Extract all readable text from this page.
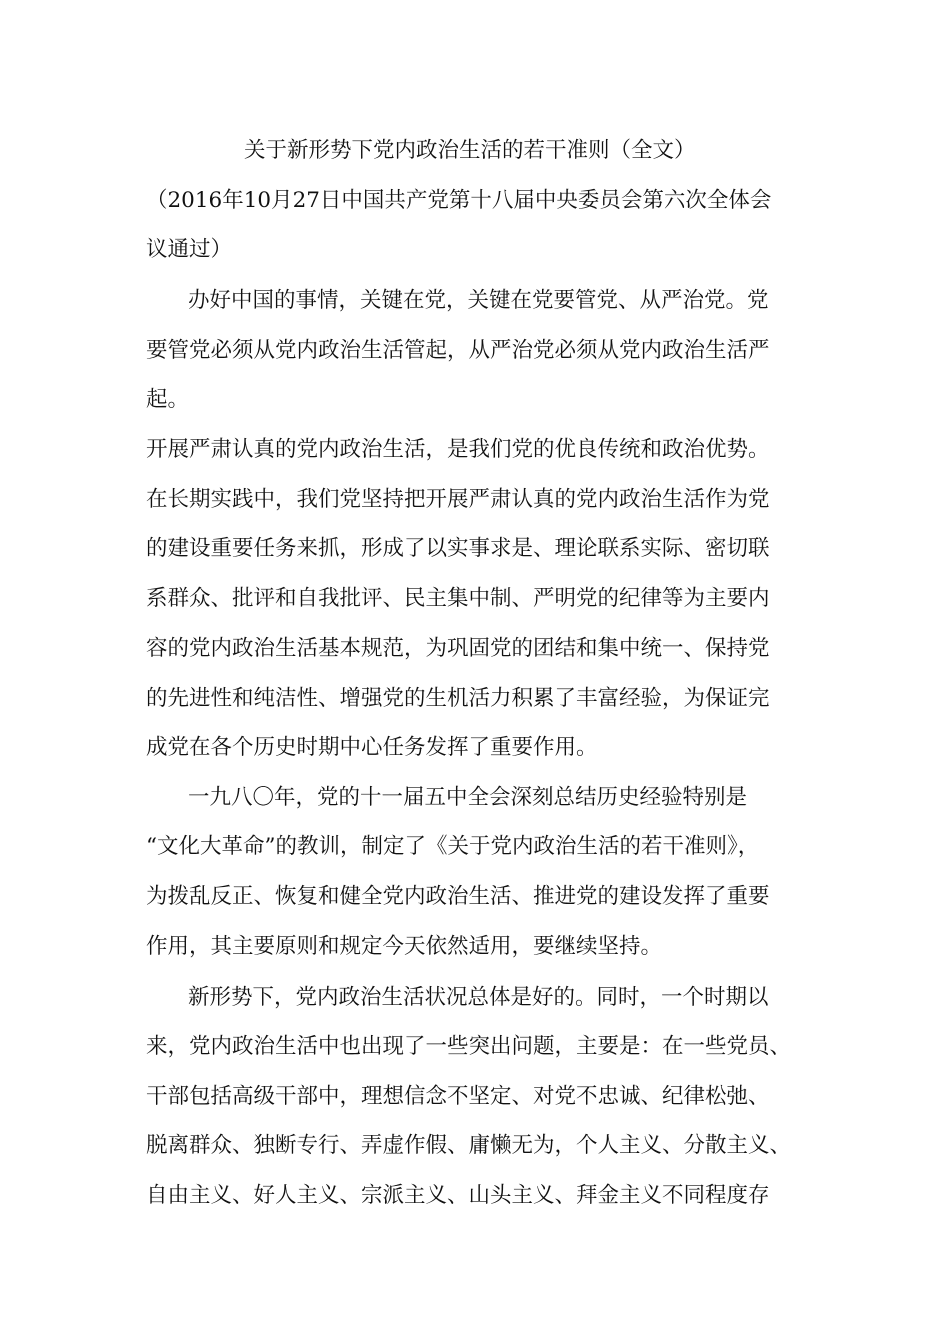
关于新形势下党内政治生活的若干准则（全文）

（2016年10月27日中国共产党第十八届中央委员会第六次全体会

议通过）

办好中国的事情，关键在党，关键在党要管党、从严治党。党

要管党必须从党内政治生活管起，从严治党必须从党内政治生活严

起。

开展严肃认真的党内政治生活，是我们党的优良传统和政治优势。

在长期实践中，我们党坚持把开展严肃认真的党内政治生活作为党

的建设重要任务来抓，形成了以实事求是、理论联系实际、密切联

系群众、批评和自我批评、民主集中制、严明党的纪律等为主要内

容的党内政治生活基本规范，为巩固党的团结和集中统一、保持党

的先进性和纯洁性、增强党的生机活力积累了丰富经验，为保证完

成党在各个历史时期中心任务发挥了重要作用。

一九八〇年，党的十一届五中全会深刻总结历史经验特别是

“文化大革命”的教训，制定了《关于党内政治生活的若干准则》，

为拨乱反正、恢复和健全党内政治生活、推进党的建设发挥了重要

作用，其主要原则和规定今天依然适用，要继续坚持。

新形势下，党内政治生活状况总体是好的。同时，一个时期以

来，党内政治生活中也出现了一些突出问题，主要是：在一些党员、

干部包括高级干部中，理想信念不坚定、对党不忠诚、纪律松弛、

脱离群众、独断专行、弄虚作假、庸懒无为，个人主义、分散主义、

自由主义、好人主义、宗派主义、山头主义、拜金主义不同程度存
